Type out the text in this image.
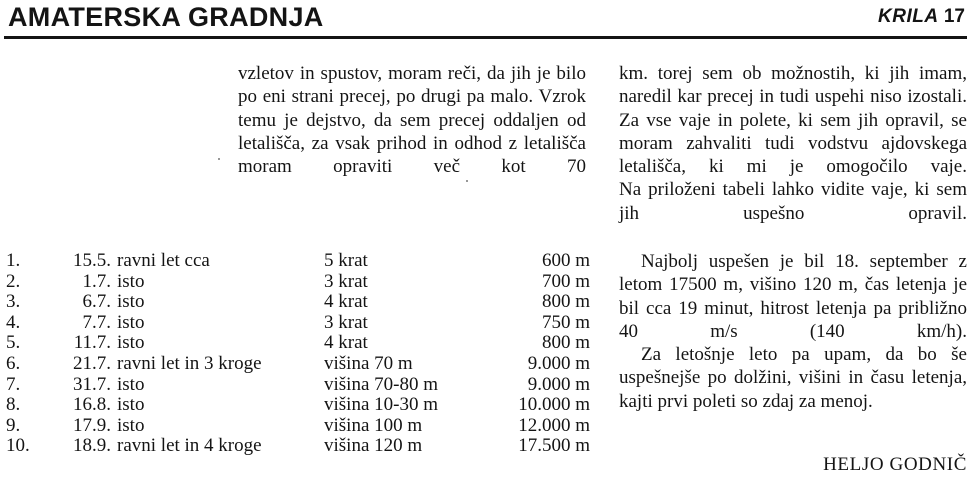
AMATERSKA GRADNJA	KRILA 17

vzletov in spustov, moram reči, da jih je bilo po eni strani precej, po drugi pa malo. Vzrok temu je dejstvo, da sem precej oddaljen od letališča, za vsak prihod in odhod z letališča moram opraviti več kot 70

km. torej sem ob možnostih, ki jih imam, naredil kar precej in tudi uspehi niso izostali. Za vse vaje in polete, ki sem jih opravil, se moram zahvaliti tudi vodstvu ajdovskega letališča, ki mi je omogočilo vaje.

Na priloženi tabeli lahko vidite vaje, ki sem jih uspešno opravil.

Najbolj uspešen je bil 18. september z letom 17500 m, višino 120 m, čas letenja je bil cca 19 minut, hitrost letenja pa približno 40 m/s (140 km/h).

Za letošnje leto pa upam, da bo še uspešnejše po dolžini, višini in času letenja, kajti prvi poleti so zdaj za menoj.

HELJO GODNIČ
1.	15.5.	ravni let cca	5 krat	600 m
2.	1.7.	isto	3 krat	700 m
3.	6.7.	isto	4 krat	800 m
4.	7.7.	isto	3 krat	750 m
5.	11.7.	isto	4 krat	800 m
6.	21.7.	ravni let in 3 kroge	višina 70 m	9.000 m
7.	31.7.	isto	višina 70-80 m	9.000 m
8.	16.8.	isto	višina 10-30 m	10.000 m
9.	17.9.	isto	višina 100 m	12.000 m
10.	18.9.	ravni let in 4 kroge	višina 120 m	17.500 m
